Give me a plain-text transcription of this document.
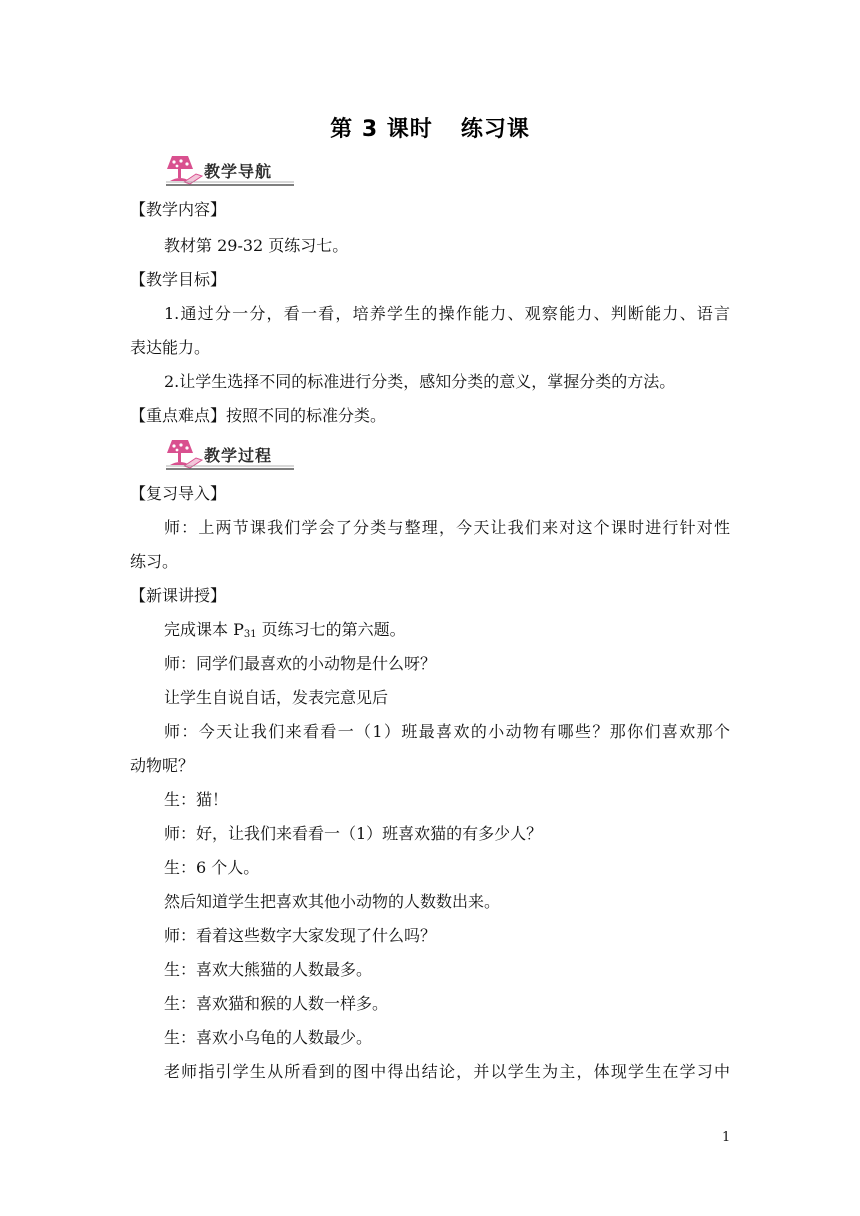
第 3 课时 练习课
教学导航
【教学内容】
教材第 29-32 页练习七。
【教学目标】
1.通过分一分，看一看，培养学生的操作能力、观察能力、判断能力、语言
表达能力。
2.让学生选择不同的标准进行分类，感知分类的意义，掌握分类的方法。
【重点难点】按照不同的标准分类。
教学过程
【复习导入】
师：上两节课我们学会了分类与整理，今天让我们来对这个课时进行针对性
练习。
【新课讲授】
完成课本 $P_{31}$ 页练习七的第六题。
师：同学们最喜欢的小动物是什么呀？
让学生自说自话，发表完意见后
师：今天让我们来看看一（1）班最喜欢的小动物有哪些？那你们喜欢那个
动物呢？
生：猫！
师：好，让我们来看看一（1）班喜欢猫的有多少人？
生：6 个人。
然后知道学生把喜欢其他小动物的人数数出来。
师：看着这些数字大家发现了什么吗？
生：喜欢大熊猫的人数最多。
生：喜欢猫和猴的人数一样多。
生：喜欢小乌龟的人数最少。
老师指引学生从所看到的图中得出结论，并以学生为主，体现学生在学习中
1
